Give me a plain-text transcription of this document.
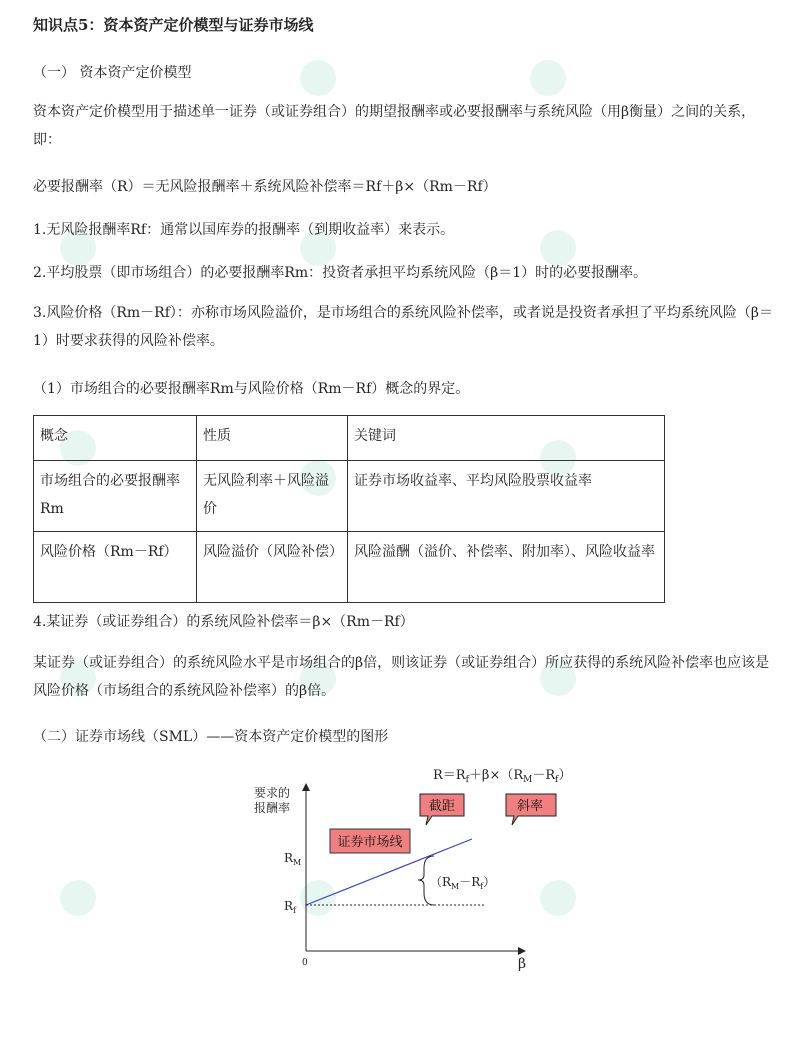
知识点5：资本资产定价模型与证券市场线
（一） 资本资产定价模型
资本资产定价模型用于描述单一证券（或证券组合）的期望报酬率或必要报酬率与系统风险（用β衡量）之间的关系，即：
必要报酬率（R）＝无风险报酬率＋系统风险补偿率＝Rf＋β×（Rm－Rf）
1.无风险报酬率Rf：通常以国库券的报酬率（到期收益率）来表示。
2.平均股票（即市场组合）的必要报酬率Rm：投资者承担平均系统风险（β＝1）时的必要报酬率。
3.风险价格（Rm－Rf）：亦称市场风险溢价，是市场组合的系统风险补偿率，或者说是投资者承担了平均系统风险（β＝1）时要求获得的风险补偿率。
（1）市场组合的必要报酬率Rm与风险价格（Rm－Rf）概念的界定。
概念	性质	关键词
市场组合的必要报酬率Rm	无风险利率＋风险溢价	证券市场收益率、平均风险股票收益率
风险价格（Rm－Rf）	风险溢价（风险补偿）	风险溢酬（溢价、补偿率、附加率）、风险收益率
4.某证券（或证券组合）的系统风险补偿率＝β×（Rm－Rf）
某证券（或证券组合）的系统风险水平是市场组合的β倍，则该证券（或证券组合）所应获得的系统风险补偿率也应该是风险价格（市场组合的系统风险补偿率）的β倍。
（二）证券市场线（SML）——资本资产定价模型的图形
$R=R_f+\beta\times(R_M-R_f)$
截距	斜率
要求的
报酬率
证券市场线
$(R_M-R_f)$
$R_M$
$R_f$
0	β
